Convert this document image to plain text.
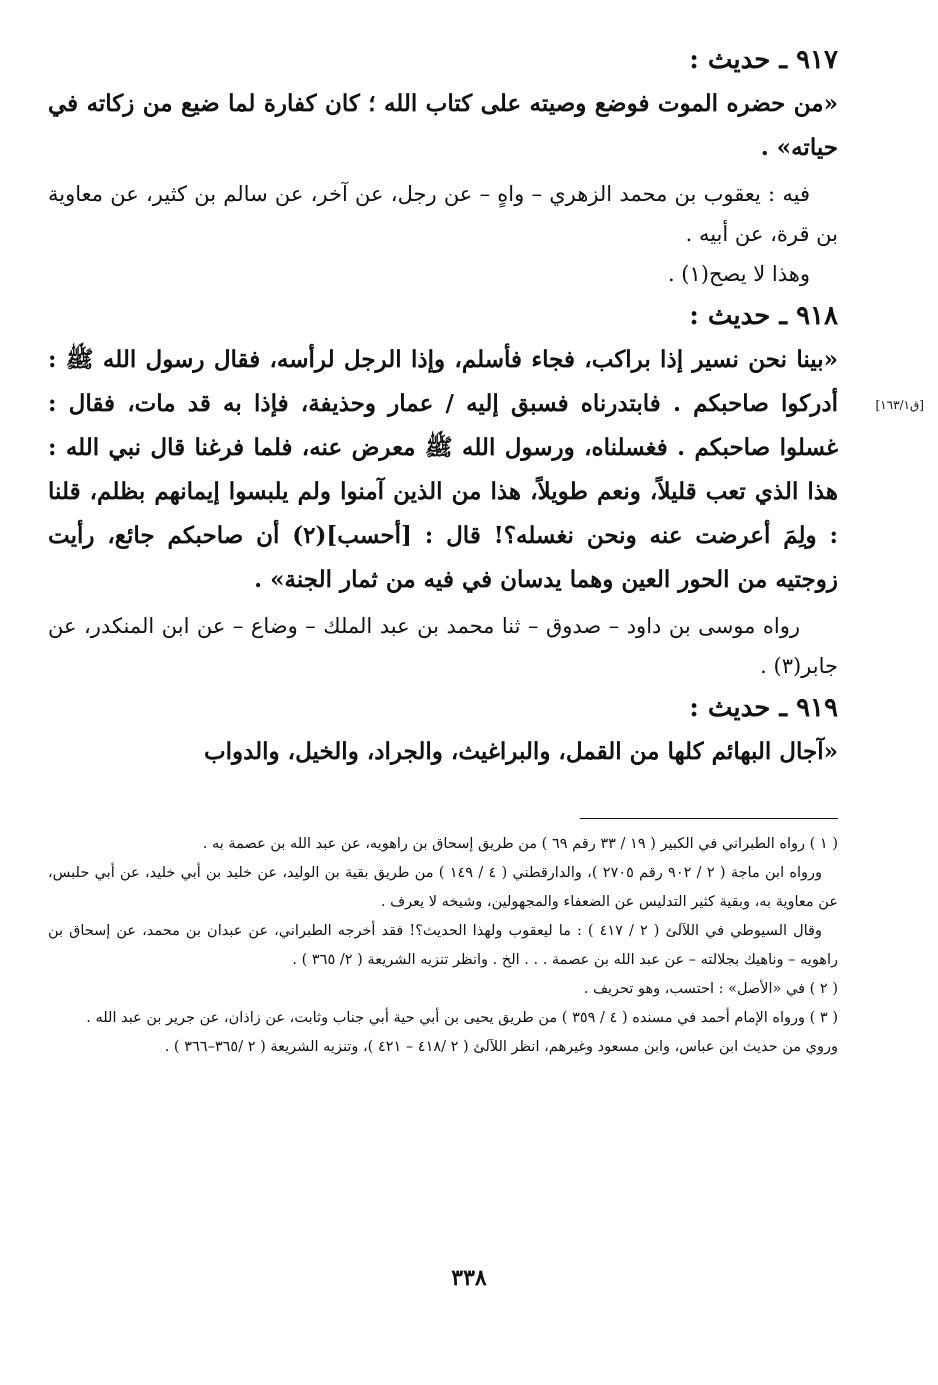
٩١٧ ـ حديث :

«من حضره الموت فوضع وصيته على كتاب الله ؛ كان كفارة لما ضيع من زكاته في حياته» .

فيه : يعقوب بن محمد الزهري – واهٍ – عن رجل، عن آخر، عن سالم بن كثير، عن معاوية بن قرة، عن أبيه .

وهذا لا يصح(١) .

٩١٨ ـ حديث :

«بينا نحن نسير إذا براكب، فجاء فأسلم، وإذا الرجل لرأسه، فقال رسول الله ﷺ : أدركوا صاحبكم . فابتدرناه فسبق إليه / عمار وحذيفة، فإذا به قد مات، فقال : غسلوا صاحبكم . فغسلناه، ورسول الله ﷺ معرض عنه، فلما فرغنا قال نبي الله : هذا الذي تعب قليلاً، ونعم طويلاً، هذا من الذين آمنوا ولم يلبسوا إيمانهم بظلم، قلنا : ولِمَ أعرضت عنه ونحن نغسله؟! قال : [أحسب](٢) أن صاحبكم جائع، رأيت زوجتيه من الحور العين وهما يدسان في فيه من ثمار الجنة» .

رواه موسى بن داود – صدوق – ثنا محمد بن عبد الملك – وضاع – عن ابن المنكدر، عن جابر(٣) .

٩١٩ ـ حديث :

«آجال البهائم كلها من القمل، والبراغيث، والجراد، والخيل، والدواب

[ق١٦٣/١]

( ١ ) رواه الطبراني في الكبير ( ١٩ / ٣٣ رقم ٦٩ ) من طريق إسحاق بن راهويه، عن عبد الله بن عصمة به .

ورواه ابن ماجة ( ٢ / ٩٠٢ رقم ٢٧٠٥ )، والدارقطني ( ٤ / ١٤٩ ) من طريق بقية بن الوليد، عن خليد بن أبي خليد، عن أبي حلبس، عن معاوية به، وبقية كثير التدليس عن الضعفاء والمجهولين، وشيخه لا يعرف .

وقال السيوطي في اللآلئ ( ٢ / ٤١٧ ) : ما ليعقوب ولهذا الحديث؟! فقد أخرجه الطبراني، عن عبدان بن محمد، عن إسحاق بن راهويه – وناهيك بجلالته – عن عبد الله بن عصمة . . . الخ . وانظر تنزيه الشريعة ( ٢/ ٣٦٥ ) .

( ٢ ) في «الأصل» : احتسب، وهو تحريف .

( ٣ ) ورواه الإمام أحمد في مسنده ( ٤ / ٣٥٩ ) من طريق يحيى بن أبي حية أبي جناب وثابت، عن زاذان، عن جرير بن عبد الله .

وروي من حديث ابن عباس، وابن مسعود وغيرهم، انظر اللآلئ ( ٢ /٤١٨ – ٤٢١ )، وتنزيه الشريعة ( ٢ /٣٦٥–٣٦٦ ) .

٣٣٨
